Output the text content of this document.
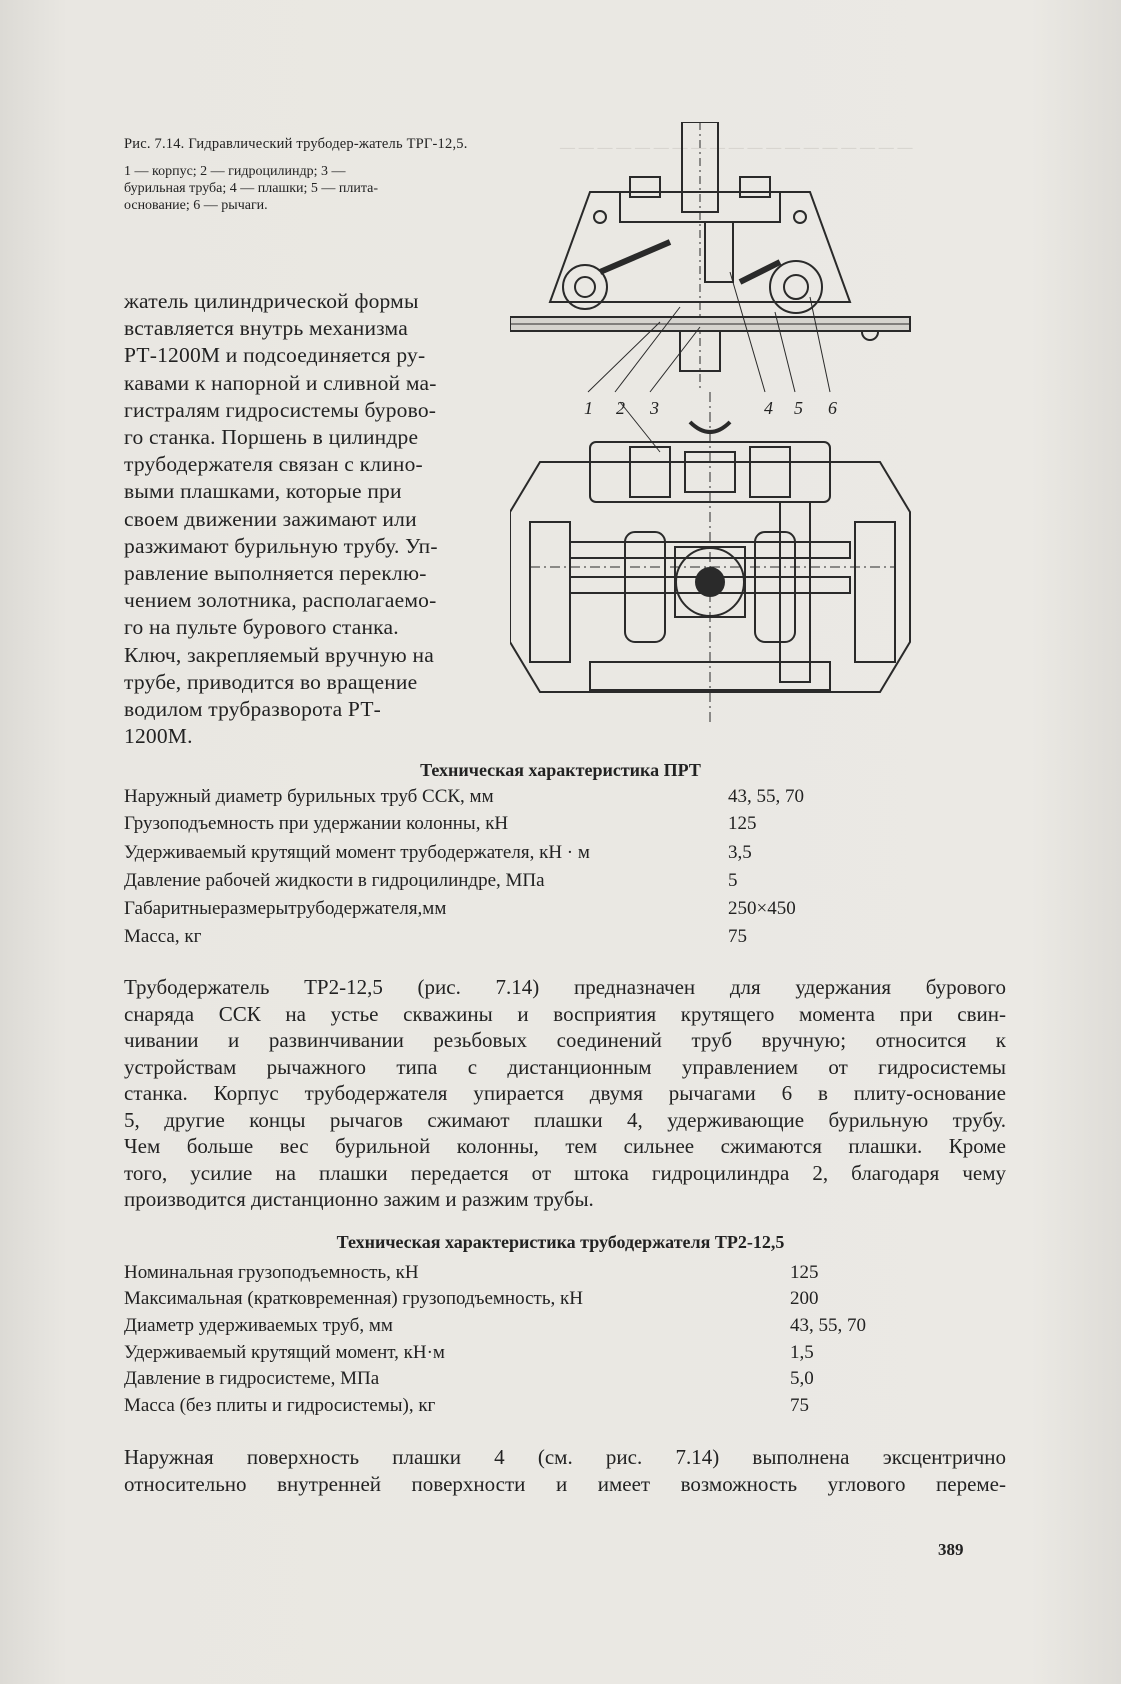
— — — — — — — — — — — — — — — — — — —
Рис. 7.14. Гидравлический трубодер-жатель ТРГ-12,5.
1 — корпус; 2 — гидроцилиндр; 3 —
бурильная труба; 4 — плашки; 5 — плита-
основание; 6 — рычаги.
жатель цилиндрической формы
вставляется внутрь механизма
РТ-1200М и подсоединяется ру-
кавами к напорной и сливной ма-
гистралям гидросистемы бурово-
го станка. Поршень в цилиндре
трубодержателя связан с клино-
выми плашками, которые при
своем движении зажимают или
разжимают бурильную трубу. Уп-
равление выполняется переклю-
чением золотника, располагаемо-
го на пульте бурового станка.
Ключ, закрепляемый вручную на
трубе, приводится во вращение
водилом трубразворота РТ-
1200М.
1 2 3	4 5 6
Техническая характеристика ПРТ
Наружный диаметр бурильных труб ССК, мм	43, 55, 70
Грузоподъемность при удержании колонны, кН	125
Удерживаемый крутящий момент трубодержателя, кН · м	3,5
Давление рабочей жидкости в гидроцилиндре, МПа	5
Габаритныеразмерытрубодержателя,мм	250×450
Масса, кг	75
Трубодержатель ТР2-12,5 (рис. 7.14) предназначен для удержания бурового
снаряда ССК на устье скважины и восприятия крутящего момента при свин-
чивании и развинчивании резьбовых соединений труб вручную; относится к
устройствам рычажного типа с дистанционным управлением от гидросистемы
станка. Корпус трубодержателя упирается двумя рычагами 6 в плиту-основание
5, другие концы рычагов сжимают плашки 4, удерживающие бурильную трубу.
Чем больше вес бурильной колонны, тем сильнее сжимаются плашки. Кроме
того, усилие на плашки передается от штока гидроцилиндра 2, благодаря чему
производится дистанционно зажим и разжим трубы.
Техническая характеристика трубодержателя ТР2-12,5
Номинальная грузоподъемность, кН	125
Максимальная (кратковременная) грузоподъемность, кН	200
Диаметр удерживаемых труб, мм	43, 55, 70
Удерживаемый крутящий момент, кН·м	1,5
Давление в гидросистеме, МПа	5,0
Масса (без плиты и гидросистемы), кг	75
Наружная поверхность плашки 4 (см. рис. 7.14) выполнена эксцентрично
относительно внутренней поверхности и имеет возможность углового переме-
389
